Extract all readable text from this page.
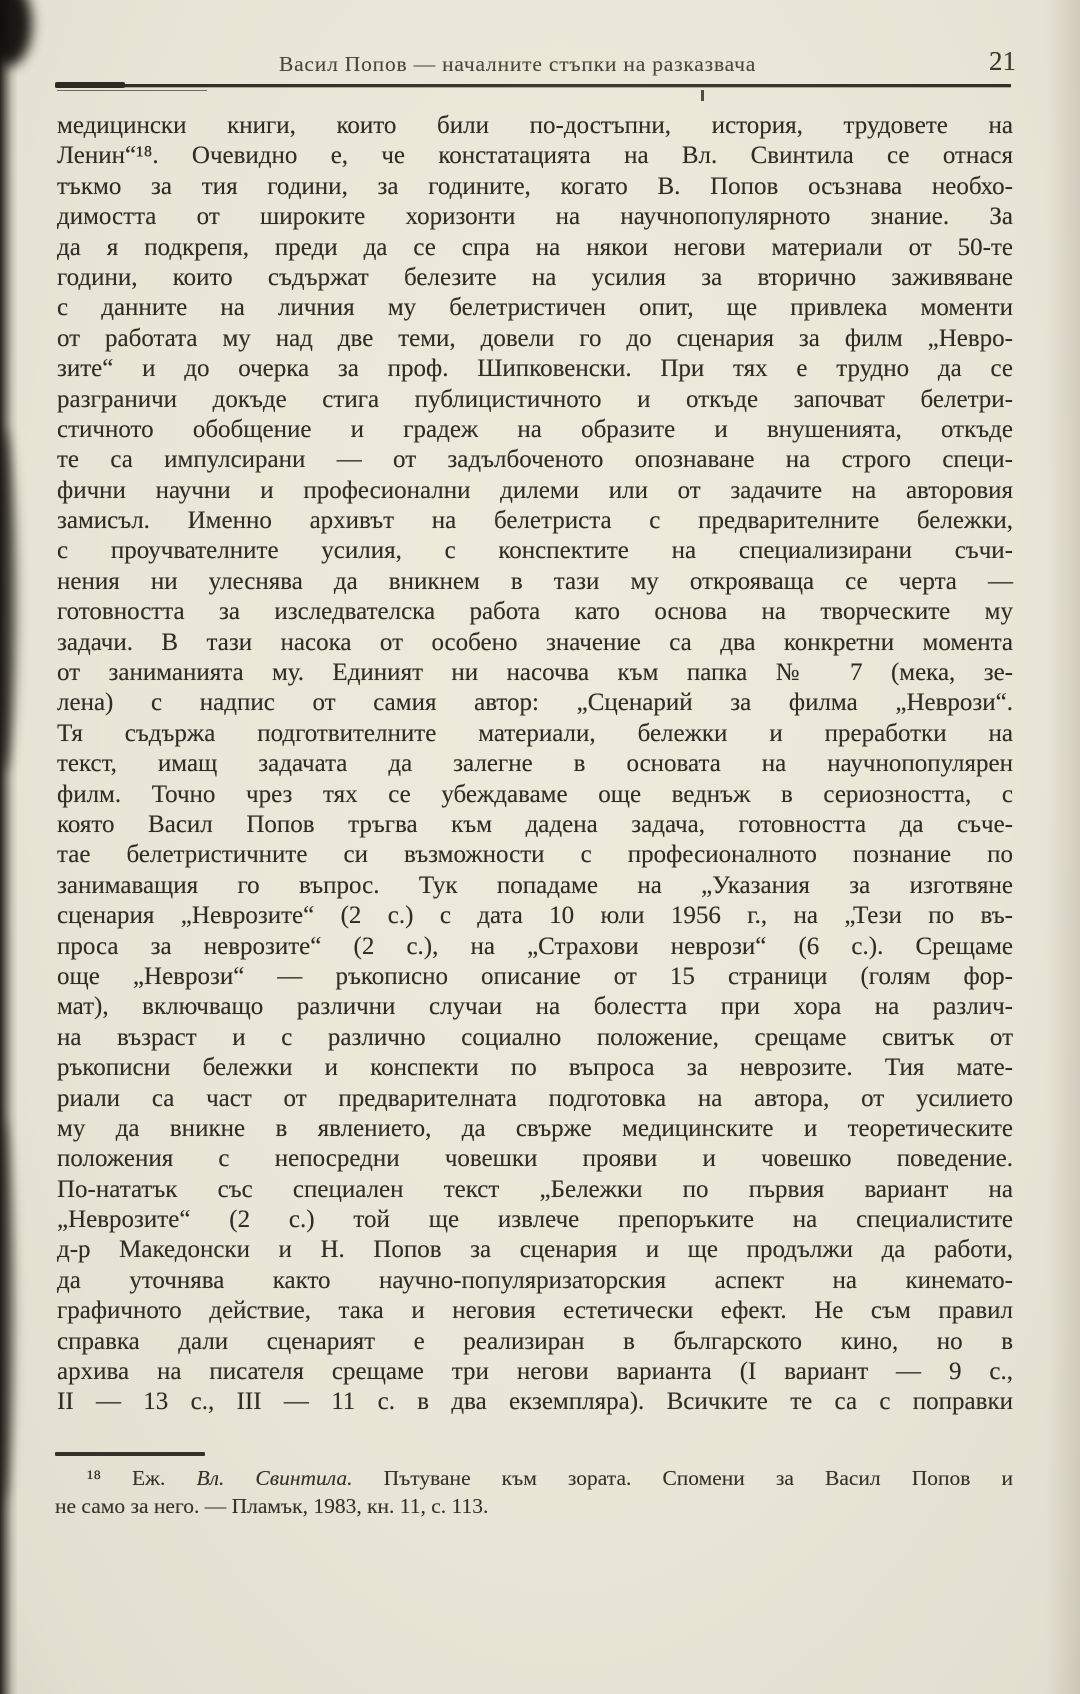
Васил Попов — началните стъпки на разказвача	21
медицински книги, които били по-достъпни, история, трудовете на
Ленин“¹⁸. Очевидно е, че констатацията на Вл. Свинтила се отнася
тъкмо за тия години, за годините, когато В. Попов осъзнава необхо-
димостта от широките хоризонти на научнопопулярното знание. За
да я подкрепя, преди да се спра на някои негови материали от 50-те
години, които съдържат белезите на усилия за вторично заживяване
с данните на личния му белетристичен опит, ще привлека моменти
от работата му над две теми, довели го до сценария за филм „Невро-
зите“ и до очерка за проф. Шипковенски. При тях е трудно да се
разграничи докъде стига публицистичното и откъде започват белетри-
стичното обобщение и градеж на образите и внушенията, откъде
те са импулсирани — от задълбоченото опознаване на строго специ-
фични научни и професионални дилеми или от задачите на авторовия
замисъл. Именно архивът на белетриста с предварителните бележки,
с проучвателните усилия, с конспектите на специализирани съчи-
нения ни улеснява да вникнем в тази му открояваща се черта —
готовността за изследвателска работа като основа на творческите му
задачи. В тази насока от особено значение са два конкретни момента
от заниманията му. Единият ни насочва към папка № 7 (мека, зе-
лена) с надпис от самия автор: „Сценарий за филма „Неврози“.
Тя съдържа подготвителните материали, бележки и преработки на
текст, имащ задачата да залегне в основата на научнопопулярен
филм. Точно чрез тях се убеждаваме още веднъж в сериозността, с
която Васил Попов тръгва към дадена задача, готовността да съче-
тае белетристичните си възможности с професионалното познание по
занимаващия го въпрос. Тук попадаме на „Указания за изготвяне
сценария „Неврозите“ (2 с.) с дата 10 юли 1956 г., на „Тези по въ-
проса за неврозите“ (2 с.), на „Страхови неврози“ (6 с.). Срещаме
още „Неврози“ — ръкописно описание от 15 страници (голям фор-
мат), включващо различни случаи на болестта при хора на различ-
на възраст и с различно социално положение, срещаме свитък от
ръкописни бележки и конспекти по въпроса за неврозите. Тия мате-
риали са част от предварителната подготовка на автора, от усилието
му да вникне в явлението, да свърже медицинските и теоретическите
положения с непосредни човешки прояви и човешко поведение.
По-нататък със специален текст „Бележки по първия вариант на
„Неврозите“ (2 с.) той ще извлече препоръките на специалистите
д-р Македонски и Н. Попов за сценария и ще продължи да работи,
да уточнява както научно-популяризаторския аспект на кинемато-
графичното действие, така и неговия естетически ефект. Не съм правил
справка дали сценарият е реализиран в българското кино, но в
архива на писателя срещаме три негови варианта (I вариант — 9 с.,
II — 13 с., III — 11 с. в два екземпляра). Всичките те са с поправки
¹⁸ Еж. Вл. Свинтила. Пътуване към зората. Спомени за Васил Попов и
не само за него. — Пламък, 1983, кн. 11, с. 113.
